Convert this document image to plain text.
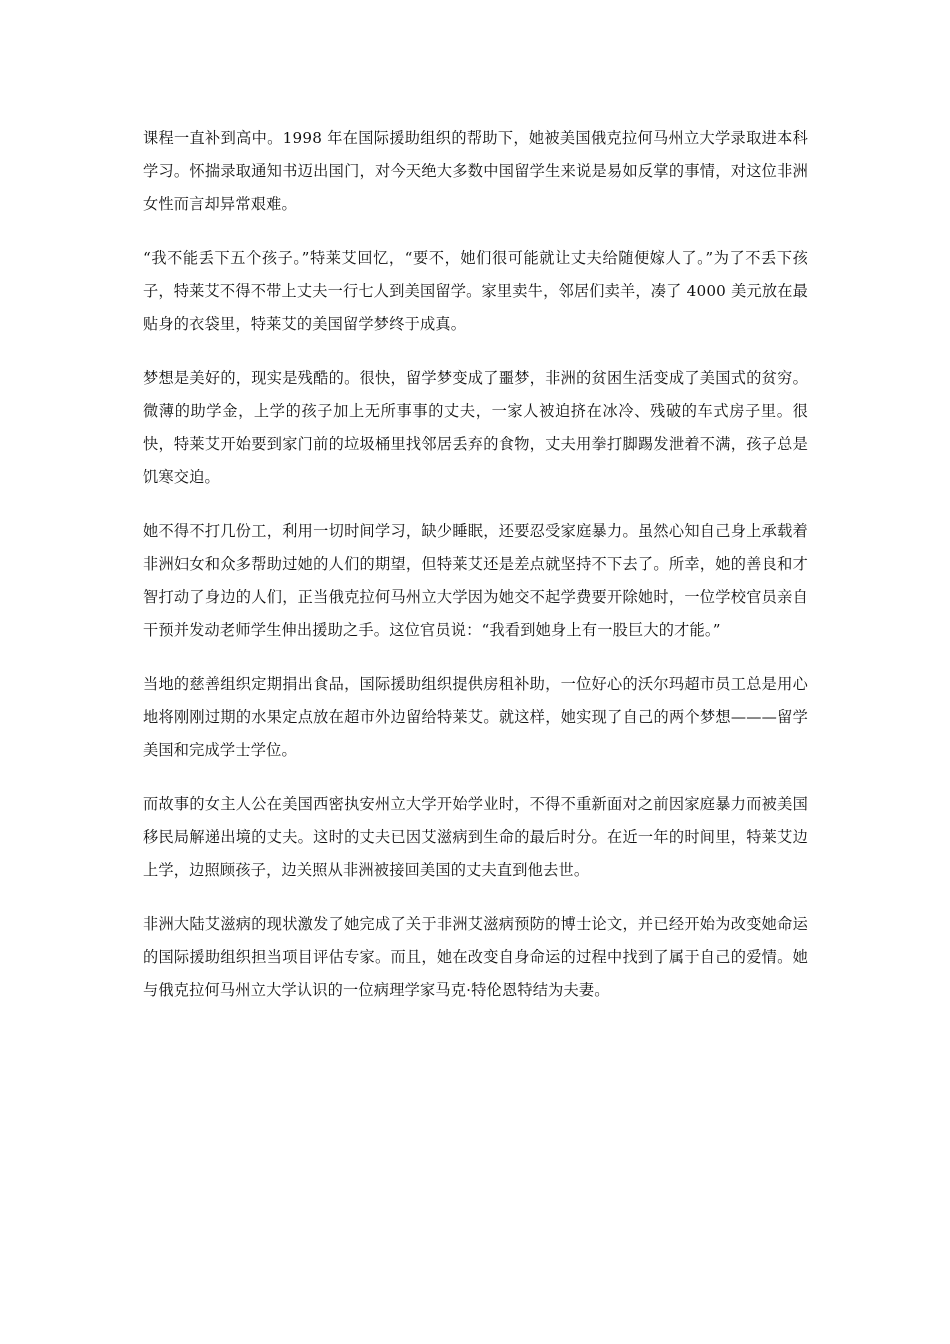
课程一直补到高中。1998 年在国际援助组织的帮助下，她被美国俄克拉何马州立大学录取进本科学习。怀揣录取通知书迈出国门，对今天绝大多数中国留学生来说是易如反掌的事情，对这位非洲女性而言却异常艰难。

“我不能丢下五个孩子。”特莱艾回忆，“要不，她们很可能就让丈夫给随便嫁人了。”为了不丢下孩子，特莱艾不得不带上丈夫一行七人到美国留学。家里卖牛，邻居们卖羊，凑了 4000 美元放在最贴身的衣袋里，特莱艾的美国留学梦终于成真。

梦想是美好的，现实是残酷的。很快，留学梦变成了噩梦，非洲的贫困生活变成了美国式的贫穷。微薄的助学金，上学的孩子加上无所事事的丈夫，一家人被迫挤在冰冷、残破的车式房子里。很快，特莱艾开始要到家门前的垃圾桶里找邻居丢弃的食物，丈夫用拳打脚踢发泄着不满，孩子总是饥寒交迫。

她不得不打几份工，利用一切时间学习，缺少睡眠，还要忍受家庭暴力。虽然心知自己身上承载着非洲妇女和众多帮助过她的人们的期望，但特莱艾还是差点就坚持不下去了。所幸，她的善良和才智打动了身边的人们，正当俄克拉何马州立大学因为她交不起学费要开除她时，一位学校官员亲自干预并发动老师学生伸出援助之手。这位官员说：“我看到她身上有一股巨大的才能。”

当地的慈善组织定期捐出食品，国际援助组织提供房租补助，一位好心的沃尔玛超市员工总是用心地将刚刚过期的水果定点放在超市外边留给特莱艾。就这样，她实现了自己的两个梦想———留学美国和完成学士学位。

而故事的女主人公在美国西密执安州立大学开始学业时，不得不重新面对之前因家庭暴力而被美国移民局解递出境的丈夫。这时的丈夫已因艾滋病到生命的最后时分。在近一年的时间里，特莱艾边上学，边照顾孩子，边关照从非洲被接回美国的丈夫直到他去世。

非洲大陆艾滋病的现状激发了她完成了关于非洲艾滋病预防的博士论文，并已经开始为改变她命运的国际援助组织担当项目评估专家。而且，她在改变自身命运的过程中找到了属于自己的爱情。她与俄克拉何马州立大学认识的一位病理学家马克·特伦恩特结为夫妻。
